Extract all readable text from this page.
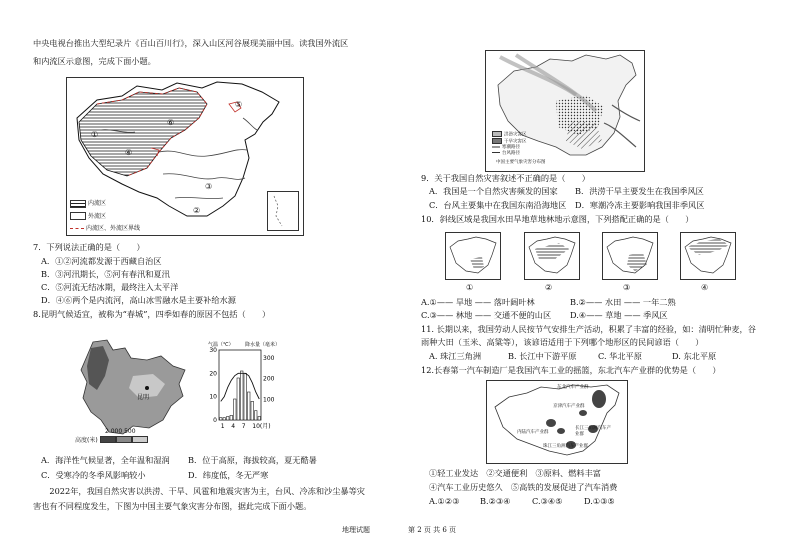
中央电视台推出大型纪录片《百山百川行》，深入山区河谷展现美丽中国。读我国外流区
和内流区示意图，完成下面小题。
①
②
③
④
⑤
⑥
内流区
外流区
内流区、外流区界线
7．下列说法正确的是（　　）
A．①②河流都发源于西藏自治区
B．③河汛期长，⑤河有春汛和夏汛
C．⑤河流无结冰期，最终注入太平洋
D．④⑥两个是内流河，高山冰雪融水是主要补给水源
8.昆明气候适宜，被称为“春城”，四季如春的原因不包括（　　）
昆明
2 000 500
高度(米)
30
20
10
0
300
200
100
1 4 7 10(月)
气温（℃） 降水量（毫米）
A．海洋性气候显著，全年温和湿润 B．位于高原，海拔较高，夏无酷暑
C．受寒冷的冬季风影响较小	D．纬度低，冬无严寒
　　2022年，我国自然灾害以洪涝、干旱、风雹和地震灾害为主，台风、冷冻和沙尘暴等灾
害也有不同程度发生，下图为中国主要气象灾害分布图，据此完成下面小题。
洪涝灾害区
干旱灾害区
寒潮路径
台风路径
中国主要气象灾害分布图
9．关于我国自然灾害叙述不正确的是（　　）
A．我国是一个自然灾害频发的国家 B．洪涝干旱主要发生在我国季风区
C．台风主要集中在我国东南沿海地区 D．寒潮冷冻主要影响我国非季风区
10．斜线区域是我国水田旱地草地林地示意图，下列搭配正确的是（　　）
①	②	③	④
A.①—— 旱地 —— 落叶阔叶林	B.②—— 水田 —— 一年二熟
C.③—— 林地 —— 交通不便的山区 D.④—— 草地 —— 季风区
11. 长期以来，我国劳动人民按节气安排生产活动，积累了丰富的经验，如：清明忙种麦，谷
雨种大田（玉米、高粱等），该谚语适用于下列哪个地形区的民间谚语（　　）
A. 珠江三角洲	B. 长江中下游平原	C. 华北平原	D. 东北平原
12.长春第一汽车制造厂是我国汽车工业的摇篮，东北汽车产业群的优势是（　　）
东北汽车产业群
长江三角洲汽车产业群
珠江三角洲汽车产业群
京津汽车产业群
内陆汽车产业群
①轻工业发达　②交通便利　③原料、燃料丰富
④汽车工业历史悠久　⑤高铁的发展促进了汽车消费
A.①②③ B.②③④	C.③④⑤	D.①③⑤
地理试题	第 2 页 共 6 页
